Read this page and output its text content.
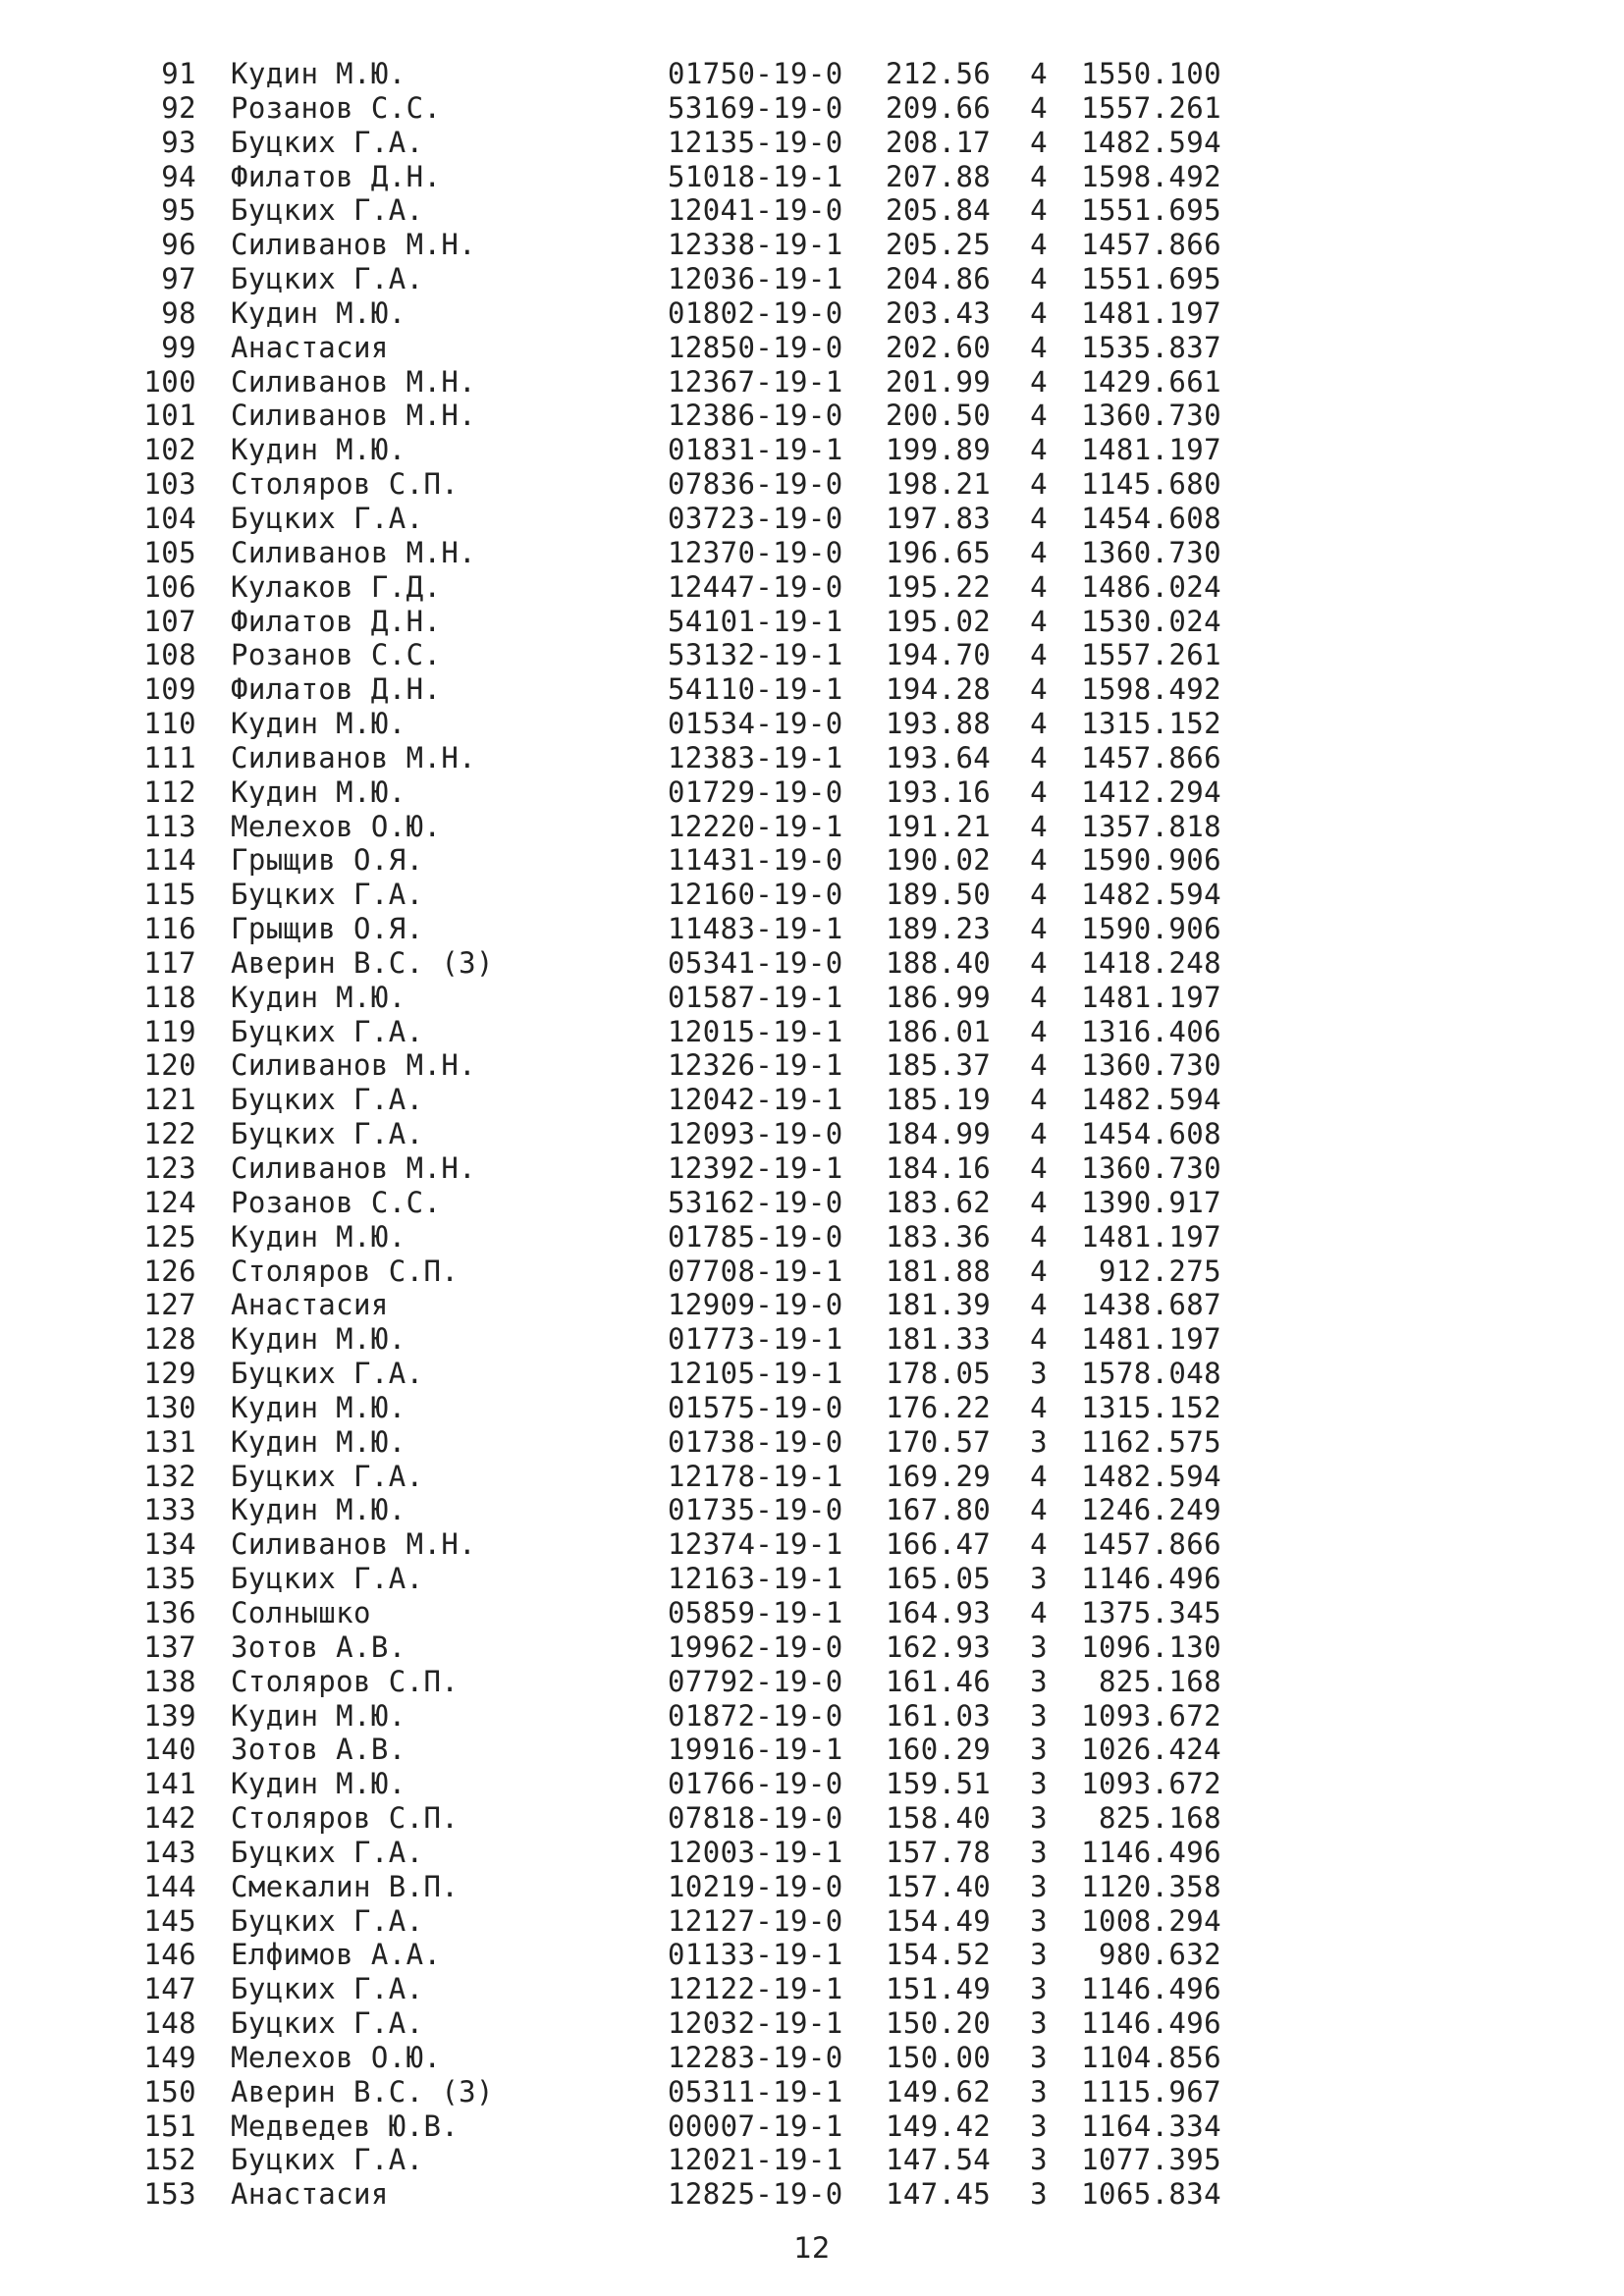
91		Кудин М.Ю.	01750-19-0	212.56	4		1550.100
92		Розанов С.С.	53169-19-0	209.66	4		1557.261
93		Буцких Г.А.	12135-19-0	208.17	4		1482.594
94		Филатов Д.Н.	51018-19-1	207.88	4		1598.492
95		Буцких Г.А.	12041-19-0	205.84	4		1551.695
96		Силиванов М.Н.	12338-19-1	205.25	4		1457.866
97		Буцких Г.А.	12036-19-1	204.86	4		1551.695
98		Кудин М.Ю.	01802-19-0	203.43	4		1481.197
99		Анастасия	12850-19-0	202.60	4		1535.837
100		Силиванов М.Н.	12367-19-1	201.99	4		1429.661
101		Силиванов М.Н.	12386-19-0	200.50	4		1360.730
102		Кудин М.Ю.	01831-19-1	199.89	4		1481.197
103		Столяров С.П.	07836-19-0	198.21	4		1145.680
104		Буцких Г.А.	03723-19-0	197.83	4		1454.608
105		Силиванов М.Н.	12370-19-0	196.65	4		1360.730
106		Кулаков Г.Д.	12447-19-0	195.22	4		1486.024
107		Филатов Д.Н.	54101-19-1	195.02	4		1530.024
108		Розанов С.С.	53132-19-1	194.70	4		1557.261
109		Филатов Д.Н.	54110-19-1	194.28	4		1598.492
110		Кудин М.Ю.	01534-19-0	193.88	4		1315.152
111		Силиванов М.Н.	12383-19-1	193.64	4		1457.866
112		Кудин М.Ю.	01729-19-0	193.16	4		1412.294
113		Мелехов О.Ю.	12220-19-1	191.21	4		1357.818
114		Грыщив О.Я.	11431-19-0	190.02	4		1590.906
115		Буцких Г.А.	12160-19-0	189.50	4		1482.594
116		Грыщив О.Я.	11483-19-1	189.23	4		1590.906
117		Аверин В.С. (З)	05341-19-0	188.40	4		1418.248
118		Кудин М.Ю.	01587-19-1	186.99	4		1481.197
119		Буцких Г.А.	12015-19-1	186.01	4		1316.406
120		Силиванов М.Н.	12326-19-1	185.37	4		1360.730
121		Буцких Г.А.	12042-19-1	185.19	4		1482.594
122		Буцких Г.А.	12093-19-0	184.99	4		1454.608
123		Силиванов М.Н.	12392-19-1	184.16	4		1360.730
124		Розанов С.С.	53162-19-0	183.62	4		1390.917
125		Кудин М.Ю.	01785-19-0	183.36	4		1481.197
126		Столяров С.П.	07708-19-1	181.88	4		912.275
127		Анастасия	12909-19-0	181.39	4		1438.687
128		Кудин М.Ю.	01773-19-1	181.33	4		1481.197
129		Буцких Г.А.	12105-19-1	178.05	3		1578.048
130		Кудин М.Ю.	01575-19-0	176.22	4		1315.152
131		Кудин М.Ю.	01738-19-0	170.57	3		1162.575
132		Буцких Г.А.	12178-19-1	169.29	4		1482.594
133		Кудин М.Ю.	01735-19-0	167.80	4		1246.249
134		Силиванов М.Н.	12374-19-1	166.47	4		1457.866
135		Буцких Г.А.	12163-19-1	165.05	3		1146.496
136		Солнышко	05859-19-1	164.93	4		1375.345
137		Зотов А.В.	19962-19-0	162.93	3		1096.130
138		Столяров С.П.	07792-19-0	161.46	3		825.168
139		Кудин М.Ю.	01872-19-0	161.03	3		1093.672
140		Зотов А.В.	19916-19-1	160.29	3		1026.424
141		Кудин М.Ю.	01766-19-0	159.51	3		1093.672
142		Столяров С.П.	07818-19-0	158.40	3		825.168
143		Буцких Г.А.	12003-19-1	157.78	3		1146.496
144		Смекалин В.П.	10219-19-0	157.40	3		1120.358
145		Буцких Г.А.	12127-19-0	154.49	3		1008.294
146		Елфимов А.А.	01133-19-1	154.52	3		980.632
147		Буцких Г.А.	12122-19-1	151.49	3		1146.496
148		Буцких Г.А.	12032-19-1	150.20	3		1146.496
149		Мелехов О.Ю.	12283-19-0	150.00	3		1104.856
150		Аверин В.С. (З)	05311-19-1	149.62	3		1115.967
151		Медведев Ю.В.	00007-19-1	149.42	3		1164.334
152		Буцких Г.А.	12021-19-1	147.54	3		1077.395
153		Анастасия	12825-19-0	147.45	3		1065.834
12
